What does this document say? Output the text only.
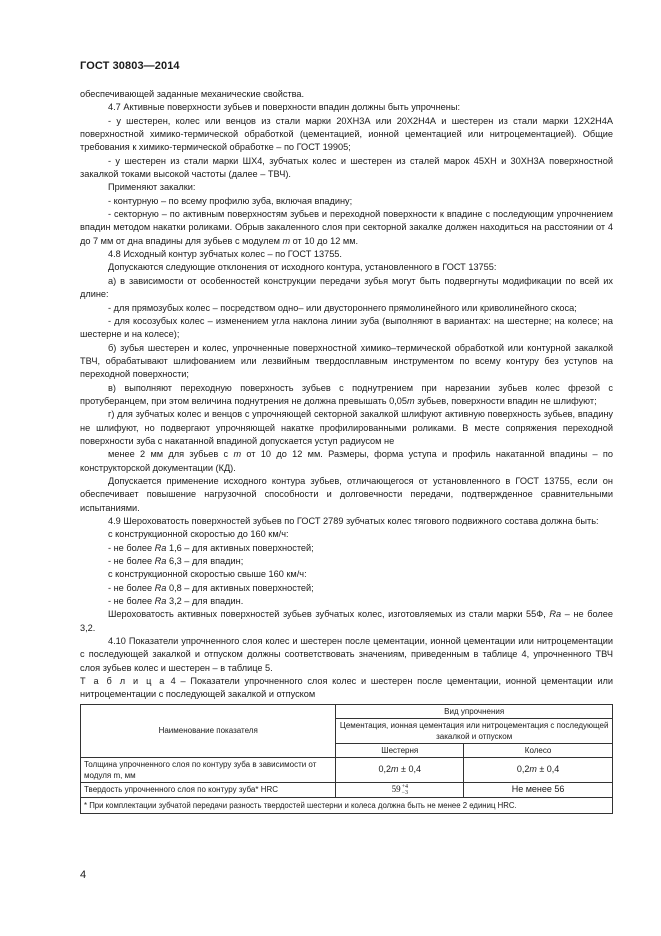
ГОСТ 30803—2014

обеспечивающей заданные механические свойства.

4.7 Активные поверхности зубьев и поверхности впадин должны быть упрочнены:

- у шестерен, колес или венцов из стали марки 20ХН3А или 20Х2Н4А и шестерен из стали марки 12Х2Н4А поверхностной химико-термической обработкой (цементацией, ионной цементацией или нитроцементацией). Общие требования к химико-термической обработке – по ГОСТ 19905;

- у шестерен из стали марки ШХ4, зубчатых колес и шестерен из сталей марок 45ХН и 30ХН3А поверхностной закалкой токами высокой частоты (далее – ТВЧ).

Применяют закалки:

- контурную – по всему профилю зуба, включая впадину;

- секторную – по активным поверхностям зубьев и переходной поверхности к впадине с последующим упрочнением впадин методом накатки роликами. Обрыв закаленного слоя при секторной закалке должен находиться на расстоянии от 4 до 7 мм от дна впадины для зубьев с модулем m от 10 до 12 мм.

4.8 Исходный контур зубчатых колес – по ГОСТ 13755.

Допускаются следующие отклонения от исходного контура, установленного в ГОСТ 13755:

а) в зависимости от особенностей конструкции передачи зубья могут быть подвергнуты модификации по всей их длине:

- для прямозубых колес – посредством одно– или двустороннего прямолинейного или криволинейного скоса;

- для косозубых колес – изменением угла наклона линии зуба (выполняют в вариантах: на шестерне; на колесе; на шестерне и на колесе);

б) зубья шестерен и колес, упрочненные поверхностной химико–термической обработкой или контурной закалкой ТВЧ, обрабатывают шлифованием или лезвийным твердосплавным инструментом по всему контуру без уступов на переходной поверхности;

в) выполняют переходную поверхность зубьев с поднутрением при нарезании зубьев колес фрезой с протуберанцем, при этом величина поднутрения не должна превышать 0,05m зубьев, поверхности впадин не шлифуют;

г) для зубчатых колес и венцов с упрочняющей секторной закалкой шлифуют активную поверхность зубьев, впадину не шлифуют, но подвергают упрочняющей накатке профилированными роликами. В месте сопряжения переходной поверхности зуба с накатанной впадиной допускается уступ радиусом не

менее 2 мм для зубьев с m от 10 до 12 мм. Размеры, форма уступа и профиль накатанной впадины – по конструкторской документации (КД).

Допускается применение исходного контура зубьев, отличающегося от установленного в ГОСТ 13755, если он обеспечивает повышение нагрузочной способности и долговечности передачи, подтвержденное сравнительными испытаниями.

4.9 Шероховатость поверхностей зубьев по ГОСТ 2789 зубчатых колес тягового подвижного состава должна быть:

с конструкционной скоростью до 160 км/ч:

- не более Ra 1,6 – для активных поверхностей;

- не более Ra 6,3 – для впадин;

с конструкционной скоростью свыше 160 км/ч:

- не более Ra 0,8 – для активных поверхностей;

- не более Ra 3,2 – для впадин.

Шероховатость активных поверхностей зубьев зубчатых колес, изготовляемых из стали марки 55Ф, Ra – не более 3,2.

4.10 Показатели упрочненного слоя колес и шестерен после цементации, ионной цементации или нитроцементации с последующей закалкой и отпуском должны соответствовать значениям, приведенным в таблице 4, упрочненного ТВЧ слоя зубьев колес и шестерен – в таблице 5.

Т а б л и ц а 4 – Показатели упрочненного слоя колес и шестерен после цементации, ионной цементации или нитроцементации с последующей закалкой и отпуском

Наименование показателя	Вид упрочнения	
	Цементация, ионная цементация или нитроцементация с последующей закалкой и отпуском	
	Шестерня	Колесо
Толщина упрочненного слоя по контуру зуба в зависимости от модуля m, мм	0,2m ± 0,4	0,2m ± 0,4
Твердость упрочненного слоя по контуру зуба* HRC	59 +4
−3	Не менее 56
* При комплектации зубчатой передачи разность твердостей шестерни и колеса должна быть не менее 2 единиц HRC.		
4
